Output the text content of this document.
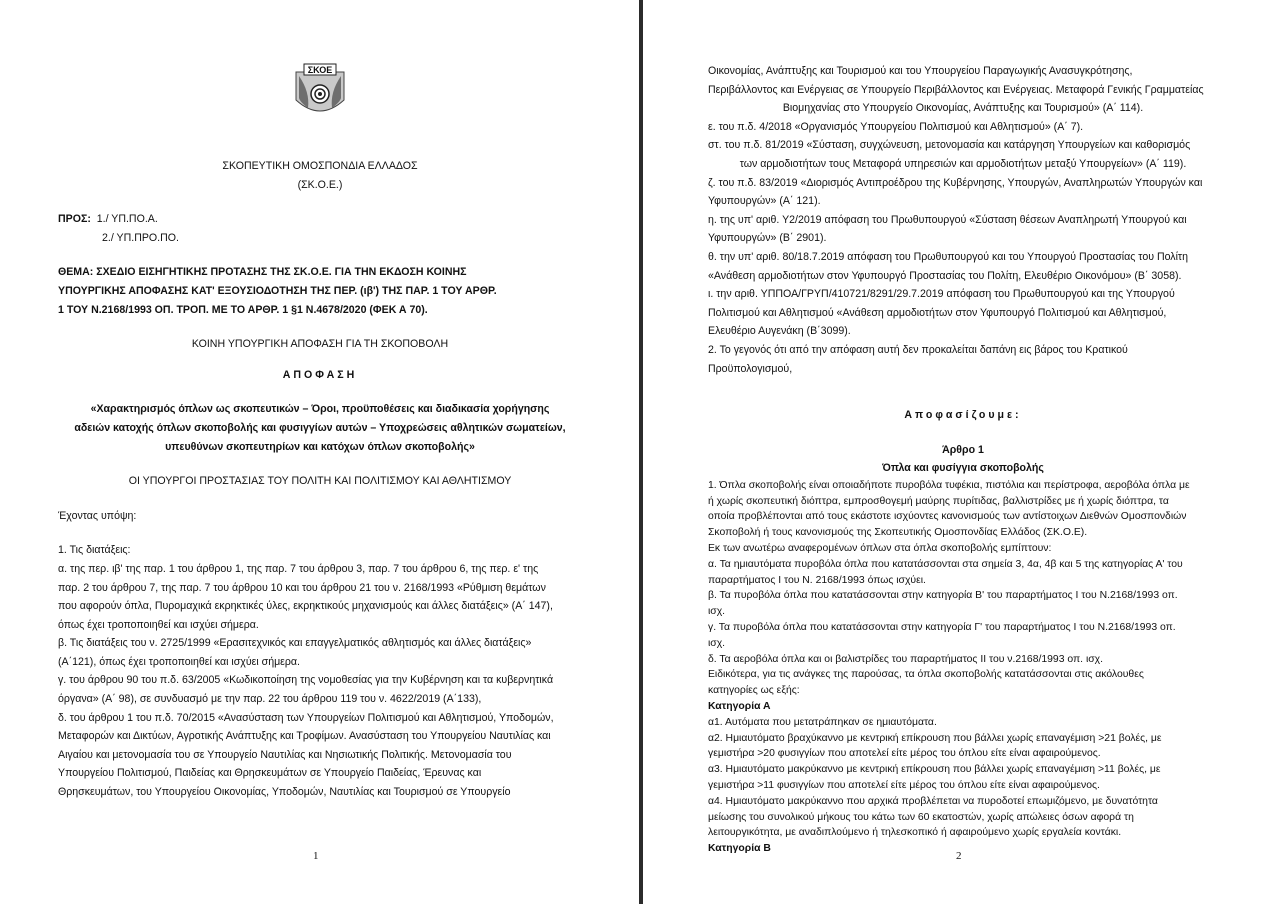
ΣΚΟΕ

ΣΚΟΠΕΥΤΙΚΗ ΟΜΟΣΠΟΝΔΙΑ ΕΛΛΑΔΟΣ

(ΣΚ.Ο.Ε.)

ΠΡΟΣ: 1./ ΥΠ.ΠΟ.Α.

2./ ΥΠ.ΠΡΟ.ΠΟ.

ΘΕΜΑ: ΣΧΕΔΙΟ ΕΙΣΗΓΗΤΙΚΗΣ ΠΡΟΤΑΣΗΣ ΤΗΣ ΣΚ.Ο.Ε. ΓΙΑ ΤΗΝ ΕΚΔΟΣΗ ΚΟΙΝΗΣ

ΥΠΟΥΡΓΙΚΗΣ ΑΠΟΦΑΣΗΣ ΚΑΤ' ΕΞΟΥΣΙΟΔΟΤΗΣΗ ΤΗΣ ΠΕΡ. (ιβ') ΤΗΣ ΠΑΡ. 1 ΤΟΥ ΑΡΘΡ.

1 ΤΟΥ Ν.2168/1993 ΟΠ. ΤΡΟΠ. ΜΕ ΤΟ ΑΡΘΡ. 1 §1 Ν.4678/2020 (ΦΕΚ Α 70).

ΚΟΙΝΗ ΥΠΟΥΡΓΙΚΗ ΑΠΟΦΑΣΗ ΓΙΑ ΤΗ ΣΚΟΠΟΒΟΛΗ

ΑΠΟΦΑΣΗ

«Χαρακτηρισμός όπλων ως σκοπευτικών – Όροι, προϋποθέσεις και διαδικασία χορήγησης

αδειών κατοχής όπλων σκοποβολής και φυσιγγίων αυτών – Υποχρεώσεις αθλητικών σωματείων,

υπευθύνων σκοπευτηρίων και κατόχων όπλων σκοποβολής»

ΟΙ ΥΠΟΥΡΓΟΙ ΠΡΟΣΤΑΣΙΑΣ ΤΟΥ ΠΟΛΙΤΗ ΚΑΙ ΠΟΛΙΤΙΣΜΟΥ ΚΑΙ ΑΘΛΗΤΙΣΜΟΥ

Έχοντας υπόψη:

1. Τις διατάξεις:

α. της περ. ιβ' της παρ. 1 του άρθρου 1, της παρ. 7 του άρθρου 3, παρ. 7 του άρθρου 6, της περ. ε' της

παρ. 2 του άρθρου 7, της παρ. 7 του άρθρου 10 και του άρθρου 21 του ν. 2168/1993 «Ρύθμιση θεμάτων

που αφορούν όπλα, Πυρομαχικά εκρηκτικές ύλες, εκρηκτικούς μηχανισμούς και άλλες διατάξεις» (Α΄ 147),

όπως έχει τροποποιηθεί και ισχύει σήμερα.

β. Τις διατάξεις του ν. 2725/1999 «Ερασιτεχνικός και επαγγελματικός αθλητισμός και άλλες διατάξεις»

(Α΄121), όπως έχει τροποποιηθεί και ισχύει σήμερα.

γ. του άρθρου 90 του π.δ. 63/2005 «Κωδικοποίηση της νομοθεσίας για την Κυβέρνηση και τα κυβερνητικά

όργανα» (Α΄ 98), σε συνδυασμό με την παρ. 22 του άρθρου 119 του ν. 4622/2019 (Α΄133),

δ. του άρθρου 1 του π.δ. 70/2015 «Ανασύσταση των Υπουργείων Πολιτισμού και Αθλητισμού, Υποδομών,

Μεταφορών και Δικτύων, Αγροτικής Ανάπτυξης και Τροφίμων. Ανασύσταση του Υπουργείου Ναυτιλίας και

Αιγαίου και μετονομασία του σε Υπουργείο Ναυτιλίας και Νησιωτικής Πολιτικής. Μετονομασία του

Υπουργείου Πολιτισμού, Παιδείας και Θρησκευμάτων σε Υπουργείο Παιδείας, Έρευνας και

Θρησκευμάτων, του Υπουργείου Οικονομίας, Υποδομών, Ναυτιλίας και Τουρισμού σε Υπουργείο

1

Οικονομίας, Ανάπτυξης και Τουρισμού και του Υπουργείου Παραγωγικής Ανασυγκρότησης,

Περιβάλλοντος και Ενέργειας σε Υπουργείο Περιβάλλοντος και Ενέργειας. Μεταφορά Γενικής Γραμματείας

Βιομηχανίας στο Υπουργείο Οικονομίας, Ανάπτυξης και Τουρισμού» (Α΄ 114).

ε. του π.δ. 4/2018 «Οργανισμός Υπουργείου Πολιτισμού και Αθλητισμού» (Α΄ 7).

στ. του π.δ. 81/2019 «Σύσταση, συγχώνευση, μετονομασία και κατάργηση Υπουργείων και καθορισμός

των αρμοδιοτήτων τους Μεταφορά υπηρεσιών και αρμοδιοτήτων μεταξύ Υπουργείων» (Α΄ 119).

ζ. του π.δ. 83/2019 «Διορισμός Αντιπροέδρου της Κυβέρνησης, Υπουργών, Αναπληρωτών Υπουργών και

Υφυπουργών» (Α΄ 121).

η. της υπ' αριθ. Υ2/2019 απόφαση του Πρωθυπουργού «Σύσταση θέσεων Αναπληρωτή Υπουργού και

Υφυπουργών» (Β΄ 2901).

θ. την υπ' αριθ. 80/18.7.2019 απόφαση του Πρωθυπουργού και του Υπουργού Προστασίας του Πολίτη

«Ανάθεση αρμοδιοτήτων στον Υφυπουργό Προστασίας του Πολίτη, Ελευθέριο Οικονόμου» (Β΄ 3058).

ι. την αριθ. ΥΠΠΟΑ/ΓΡΥΠ/410721/8291/29.7.2019 απόφαση του Πρωθυπουργού και της Υπουργού

Πολιτισμού και Αθλητισμού «Ανάθεση αρμοδιοτήτων στον Υφυπουργό Πολιτισμού και Αθλητισμού,

Ελευθέριο Αυγενάκη (Β΄3099).

2. Το γεγονός ότι από την απόφαση αυτή δεν προκαλείται δαπάνη εις βάρος του Κρατικού

Προϋπολογισμού,

Αποφασίζουμε:

Άρθρο 1

Όπλα και φυσίγγια σκοποβολής

1. Όπλα σκοποβολής είναι οποιαδήποτε πυροβόλα τυφέκια, πιστόλια και περίστροφα, αεροβόλα όπλα με

ή χωρίς σκοπευτική διόπτρα, εμπροσθογεμή μαύρης πυρίτιδας, βαλλιστρίδες με ή χωρίς διόπτρα, τα

οποία προβλέπονται από τους εκάστοτε ισχύοντες κανονισμούς των αντίστοιχων Διεθνών Ομοσπονδιών

Σκοποβολή ή τους κανονισμούς της Σκοπευτικής Ομοσπονδίας Ελλάδος (ΣΚ.Ο.Ε).

Εκ των ανωτέρω αναφερομένων όπλων στα όπλα σκοποβολής εμπίπτουν:

α. Τα ημιαυτόματα πυροβόλα όπλα που κατατάσσονται στα σημεία 3, 4α, 4β και 5 της κατηγορίας Α' του

παραρτήματος Ι του Ν. 2168/1993 όπως ισχύει.

β. Τα πυροβόλα όπλα που κατατάσσονται στην κατηγορία Β' του παραρτήματος Ι του Ν.2168/1993 οπ.

ισχ.

γ. Τα πυροβόλα όπλα που κατατάσσονται στην κατηγορία Γ' του παραρτήματος Ι του Ν.2168/1993 οπ.

ισχ.

δ. Τα αεροβόλα όπλα και οι βαλιστρίδες του παραρτήματος ΙΙ του ν.2168/1993 οπ. ισχ.

Ειδικότερα, για τις ανάγκες της παρούσας, τα όπλα σκοποβολής κατατάσσονται στις ακόλουθες

κατηγορίες ως εξής:

Κατηγορία Α

α1. Αυτόματα που μετατράπηκαν σε ημιαυτόματα.

α2. Ημιαυτόματο βραχύκαννο με κεντρική επίκρουση που βάλλει χωρίς επαναγέμιση >21 βολές, με

γεμιστήρα >20 φυσιγγίων που αποτελεί είτε μέρος του όπλου είτε είναι αφαιρούμενος.

α3. Ημιαυτόματο μακρύκαννο με κεντρική επίκρουση που βάλλει χωρίς επαναγέμιση >11 βολές, με

γεμιστήρα >11 φυσιγγίων που αποτελεί είτε μέρος του όπλου είτε είναι αφαιρούμενος.

α4. Ημιαυτόματο μακρύκαννο που αρχικά προβλέπεται να πυροδοτεί επωμιζόμενο, με δυνατότητα

μείωσης του συνολικού μήκους του κάτω των 60 εκατοστών, χωρίς απώλειες όσων αφορά τη

λειτουργικότητα, με αναδιπλούμενο ή τηλεσκοπικό ή αφαιρούμενο χωρίς εργαλεία κοντάκι.

Κατηγορία Β

2
